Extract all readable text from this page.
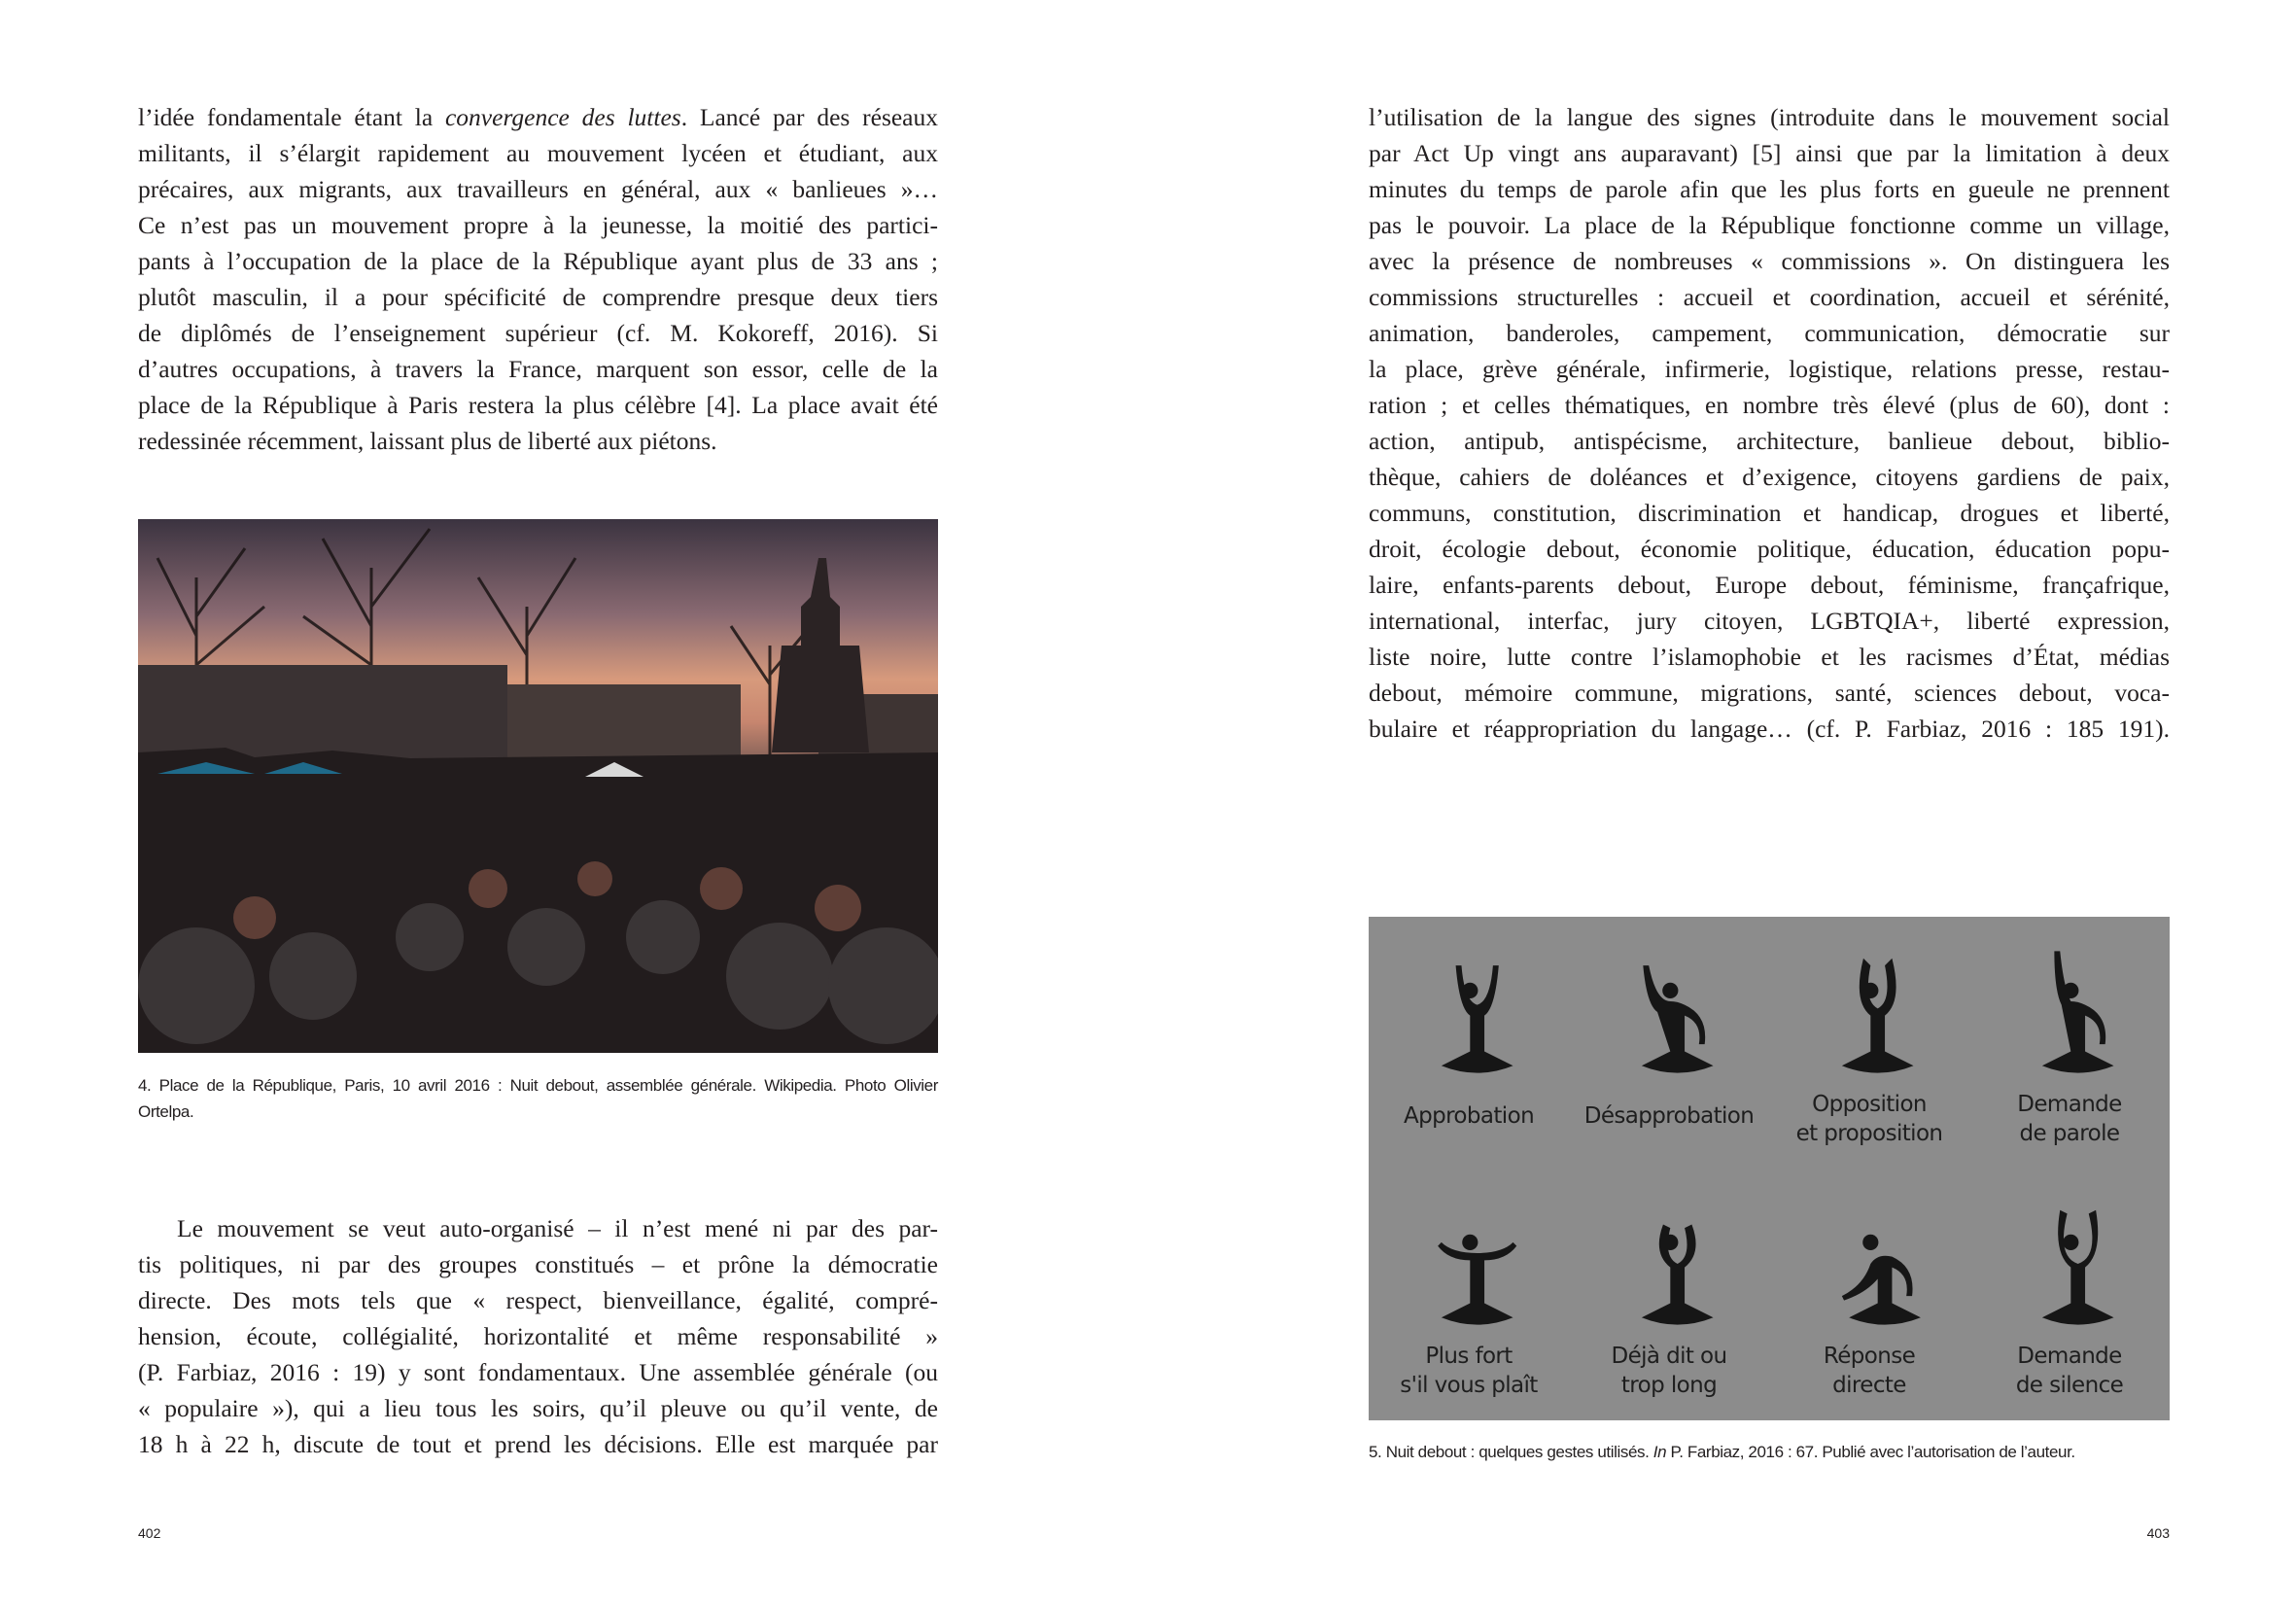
l’idée fondamentale étant la convergence des luttes. Lancé par des réseaux
militants, il s’élargit rapidement au mouvement lycéen et étudiant, aux
précaires, aux migrants, aux travailleurs en général, aux « banlieues »…
Ce n’est pas un mouvement propre à la jeunesse, la moitié des partici-
pants à l’occupation de la place de la République ayant plus de 33 ans ;
plutôt masculin, il a pour spécificité de comprendre presque deux tiers
de diplômés de l’enseignement supérieur (cf. M. Kokoreff, 2016). Si
d’autres occupations, à travers la France, marquent son essor, celle de la
place de la République à Paris restera la plus célèbre [4]. La place avait été
redessinée récemment, laissant plus de liberté aux piétons.
4. Place de la République, Paris, 10 avril 2016 : Nuit debout, assemblée générale. Wikipedia. Photo Olivier
Ortelpa.
Le mouvement se veut auto-organisé – il n’est mené ni par des par-
tis politiques, ni par des groupes constitués – et prône la démocratie
directe. Des mots tels que « respect, bienveillance, égalité, compré-
hension, écoute, collégialité, horizontalité et même responsabilité »
(P. Farbiaz, 2016 : 19) y sont fondamentaux. Une assemblée générale (ou
« populaire »), qui a lieu tous les soirs, qu’il pleuve ou qu’il vente, de
18 h à 22 h, discute de tout et prend les décisions. Elle est marquée par
402
l’utilisation de la langue des signes (introduite dans le mouvement social
par Act Up vingt ans auparavant) [5] ainsi que par la limitation à deux
minutes du temps de parole afin que les plus forts en gueule ne prennent
pas le pouvoir. La place de la République fonctionne comme un village,
avec la présence de nombreuses « commissions ». On distinguera les
commissions structurelles : accueil et coordination, accueil et sérénité,
animation, banderoles, campement, communication, démocratie sur
la place, grève générale, infirmerie, logistique, relations presse, restau-
ration ; et celles thématiques, en nombre très élevé (plus de 60), dont :
action, antipub, antispécisme, architecture, banlieue debout, biblio-
thèque, cahiers de doléances et d’exigence, citoyens gardiens de paix,
communs, constitution, discrimination et handicap, drogues et liberté,
droit, écologie debout, économie politique, éducation, éducation popu-
laire, enfants-parents debout, Europe debout, féminisme, françafrique,
international, interfac, jury citoyen, LGBTQIA+, liberté expression,
liste noire, lutte contre l’islamophobie et les racismes d’État, médias
debout, mémoire commune, migrations, santé, sciences debout, voca-
bulaire et réappropriation du langage… (cf. P. Farbiaz, 2016 : 185 191).
Approbation	Désapprobation	Opposition
et proposition
Demande
de parole
Plus fort
s'il vous plaît
Déjà dit ou
trop long
Réponse
directe
Demande
de silence
5. Nuit debout : quelques gestes utilisés. In P. Farbiaz, 2016 : 67. Publié avec l’autorisation de l’auteur.
403
